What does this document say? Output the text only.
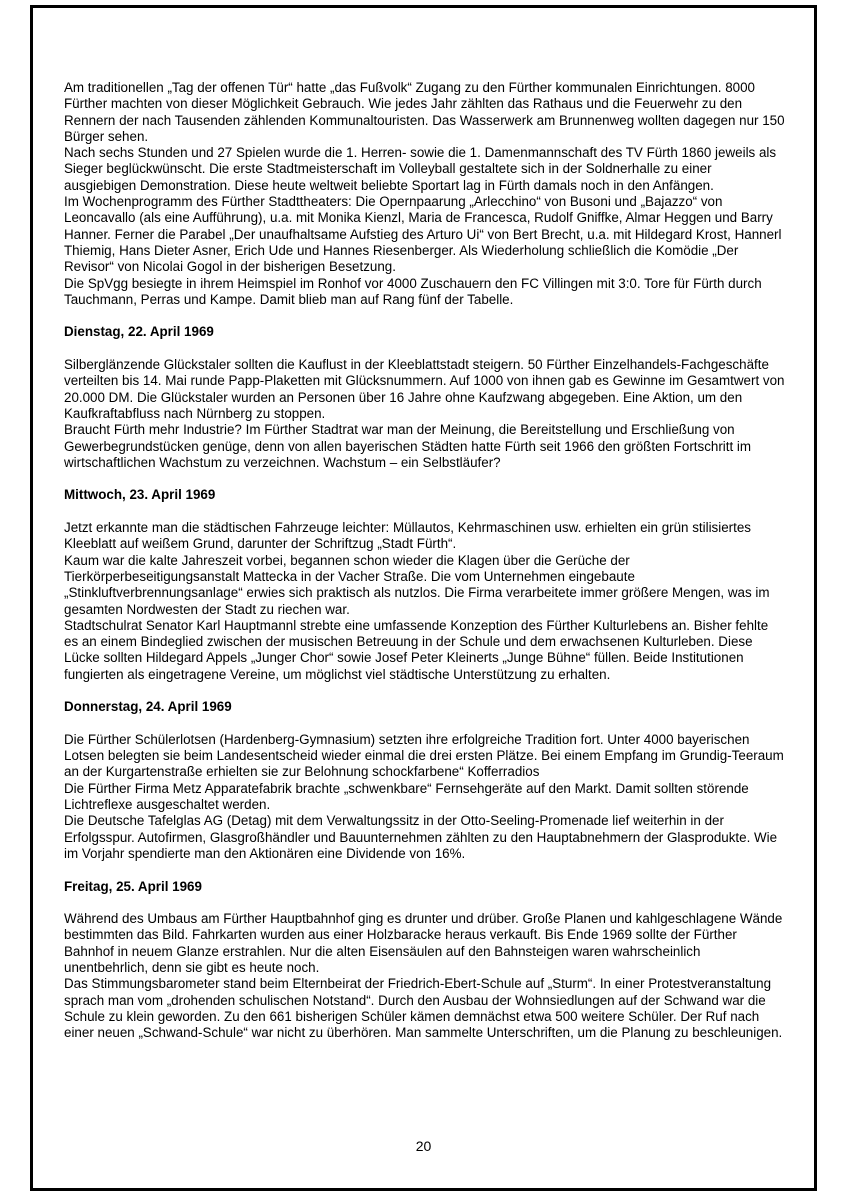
Am traditionellen „Tag der offenen Tür“ hatte „das Fußvolk“ Zugang zu den Fürther kommunalen Einrichtungen. 8000 Fürther machten von dieser Möglichkeit Gebrauch. Wie jedes Jahr zählten das Rathaus und die Feuerwehr zu den Rennern der nach Tausenden zählenden Kommunaltouristen. Das Wasserwerk am Brunnenweg wollten dagegen nur 150 Bürger sehen.

Nach sechs Stunden und 27 Spielen wurde die 1. Herren- sowie die 1. Damenmannschaft des TV Fürth 1860 jeweils als Sieger beglückwünscht. Die erste Stadtmeisterschaft im Volleyball gestaltete sich in der Soldnerhalle zu einer ausgiebigen Demonstration. Diese heute weltweit beliebte Sportart lag in Fürth damals noch in den Anfängen.

Im Wochenprogramm des Fürther Stadttheaters: Die Opernpaarung „Arlecchino“ von Busoni und „Bajazzo“ von Leoncavallo (als eine Aufführung), u.a. mit Monika Kienzl, Maria de Francesca, Rudolf Gniffke, Almar Heggen und Barry Hanner. Ferner die Parabel „Der unaufhaltsame Aufstieg des Arturo Ui“ von Bert Brecht, u.a. mit Hildegard Krost, Hannerl Thiemig, Hans Dieter Asner, Erich Ude und Hannes Riesenberger. Als Wiederholung schließlich die Komödie „Der Revisor“ von Nicolai Gogol in der bisherigen Besetzung.

Die SpVgg besiegte in ihrem Heimspiel im Ronhof vor 4000 Zuschauern den FC Villingen mit 3:0. Tore für Fürth durch Tauchmann, Perras und Kampe. Damit blieb man auf Rang fünf der Tabelle.

Dienstag, 22. April 1969

Silberglänzende Glückstaler sollten die Kauflust in der Kleeblattstadt steigern. 50 Fürther Einzelhandels-Fachgeschäfte verteilten bis 14. Mai runde Papp-Plaketten mit Glücksnummern. Auf 1000 von ihnen gab es Gewinne im Gesamtwert von 20.000 DM. Die Glückstaler wurden an Personen über 16 Jahre ohne Kaufzwang abgegeben. Eine Aktion, um den Kaufkraftabfluss nach Nürnberg zu stoppen.

Braucht Fürth mehr Industrie? Im Fürther Stadtrat war man der Meinung, die Bereitstellung und Erschließung von Gewerbegrundstücken genüge, denn von allen bayerischen Städten hatte Fürth seit 1966 den größten Fortschritt im wirtschaftlichen Wachstum zu verzeichnen. Wachstum – ein Selbstläufer?

Mittwoch, 23. April 1969

Jetzt erkannte man die städtischen Fahrzeuge leichter: Müllautos, Kehrmaschinen usw. erhielten ein grün stilisiertes Kleeblatt auf weißem Grund, darunter der Schriftzug „Stadt Fürth“.

Kaum war die kalte Jahreszeit vorbei, begannen schon wieder die Klagen über die Gerüche der Tierkörperbeseitigungsanstalt Mattecka in der Vacher Straße. Die vom Unternehmen eingebaute „Stinkluftverbrennungsanlage“ erwies sich praktisch als nutzlos. Die Firma verarbeitete immer größere Mengen, was im gesamten Nordwesten der Stadt zu riechen war.

Stadtschulrat Senator Karl Hauptmannl strebte eine umfassende Konzeption des Fürther Kulturlebens an. Bisher fehlte es an einem Bindeglied zwischen der musischen Betreuung in der Schule und dem erwachsenen Kulturleben. Diese Lücke sollten Hildegard Appels „Junger Chor“ sowie Josef Peter Kleinerts „Junge Bühne“ füllen. Beide Institutionen fungierten als eingetragene Vereine, um möglichst viel städtische Unterstützung zu erhalten.

Donnerstag, 24. April 1969

Die Fürther Schülerlotsen (Hardenberg-Gymnasium) setzten ihre erfolgreiche Tradition fort. Unter 4000 bayerischen Lotsen belegten sie beim Landesentscheid wieder einmal die drei ersten Plätze. Bei einem Empfang im Grundig-Teeraum an der Kurgartenstraße erhielten sie zur Belohnung schockfarbene“ Kofferradios

Die Fürther Firma Metz Apparatefabrik brachte „schwenkbare“ Fernsehgeräte auf den Markt. Damit sollten störende Lichtreflexe ausgeschaltet werden.

Die Deutsche Tafelglas AG (Detag) mit dem Verwaltungssitz in der Otto-Seeling-Promenade lief weiterhin in der Erfolgsspur. Autofirmen, Glasgroßhändler und Bauunternehmen zählten zu den Hauptabnehmern der Glasprodukte. Wie im Vorjahr spendierte man den Aktionären eine Dividende von 16%.

Freitag, 25. April 1969

Während des Umbaus am Fürther Hauptbahnhof ging es drunter und drüber. Große Planen und kahlgeschlagene Wände bestimmten das Bild. Fahrkarten wurden aus einer Holzbaracke heraus verkauft. Bis Ende 1969 sollte der Fürther Bahnhof in neuem Glanze erstrahlen. Nur die alten Eisensäulen auf den Bahnsteigen waren wahrscheinlich unentbehrlich, denn sie gibt es heute noch.

Das Stimmungsbarometer stand beim Elternbeirat der Friedrich-Ebert-Schule auf „Sturm“. In einer Protestveranstaltung sprach man vom „drohenden schulischen Notstand“. Durch den Ausbau der Wohnsiedlungen auf der Schwand war die Schule zu klein geworden. Zu den 661 bisherigen Schüler kämen demnächst etwa 500 weitere Schüler. Der Ruf nach einer neuen „Schwand-Schule“ war nicht zu überhören. Man sammelte Unterschriften, um die Planung zu beschleunigen.

20
